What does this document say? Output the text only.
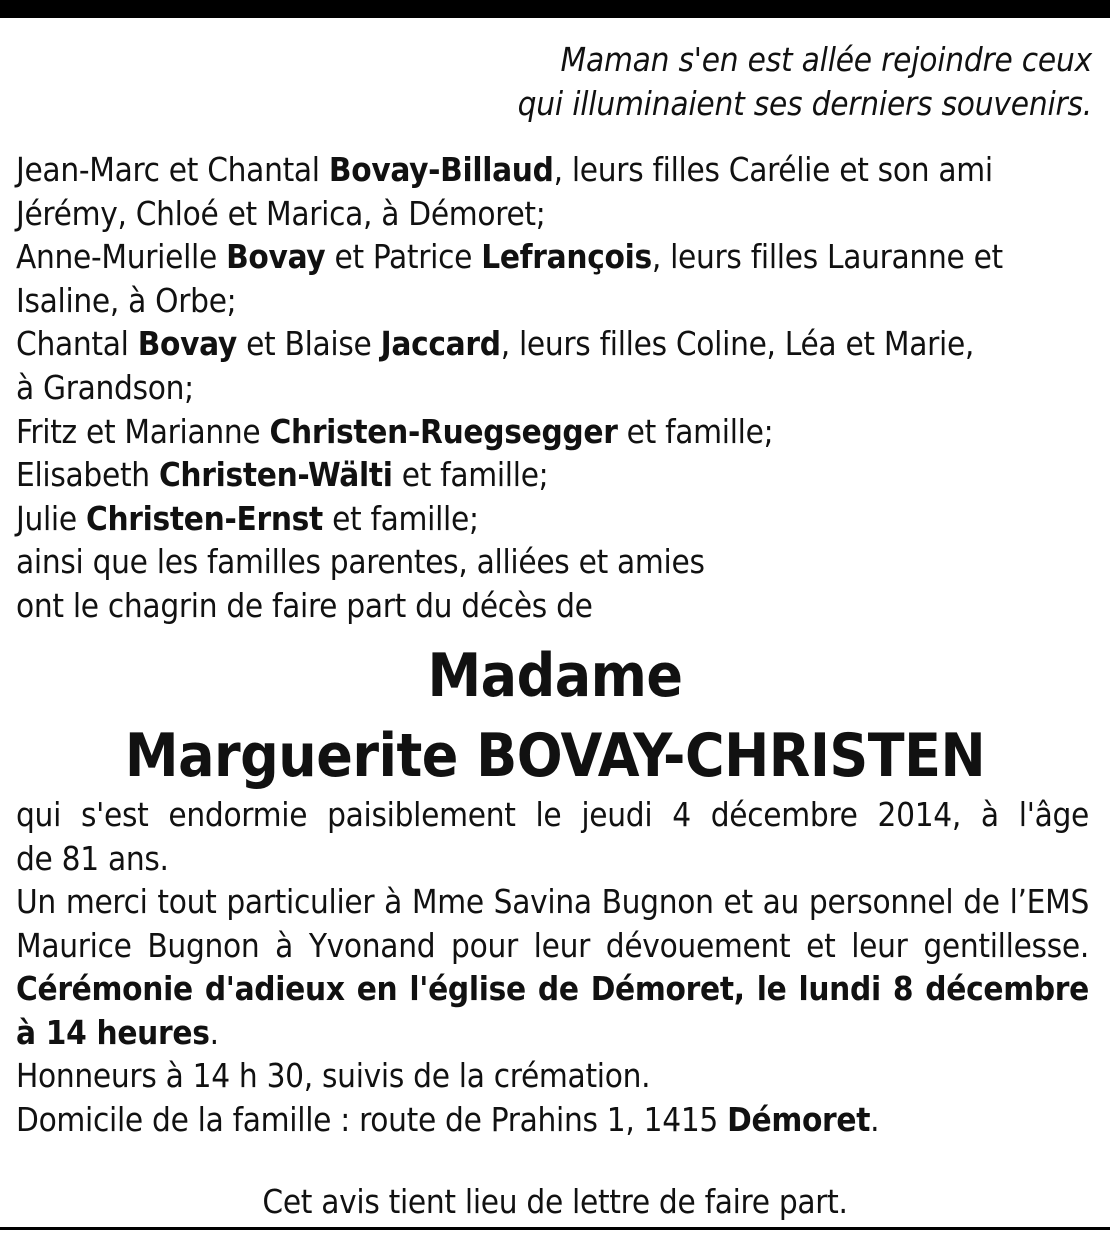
Maman s'en est allée rejoindre ceux
qui illuminaient ses derniers souvenirs.
Jean-Marc et Chantal Bovay-Billaud, leurs filles Carélie et son ami
Jérémy, Chloé et Marica, à Démoret;
Anne-Murielle Bovay et Patrice Lefrançois, leurs filles Lauranne et
Isaline, à Orbe;
Chantal Bovay et Blaise Jaccard, leurs filles Coline, Léa et Marie,
à Grandson;
Fritz et Marianne Christen-Ruegsegger et famille;
Elisabeth Christen-Wälti et famille;
Julie Christen-Ernst et famille;
ainsi que les familles parentes, alliées et amies
ont le chagrin de faire part du décès de
Madame
Marguerite BOVAY-CHRISTEN
qui s'est endormie paisiblement le jeudi 4 décembre 2014, à l'âge
de 81 ans.
Un merci tout particulier à Mme Savina Bugnon et au personnel de l’EMS
Maurice Bugnon à Yvonand pour leur dévouement et leur gentillesse.
Cérémonie d'adieux en l'église de Démoret, le lundi 8 décembre
à 14 heures.
Honneurs à 14 h 30, suivis de la crémation.
Domicile de la famille : route de Prahins 1, 1415 Démoret.
Cet avis tient lieu de lettre de faire part.
